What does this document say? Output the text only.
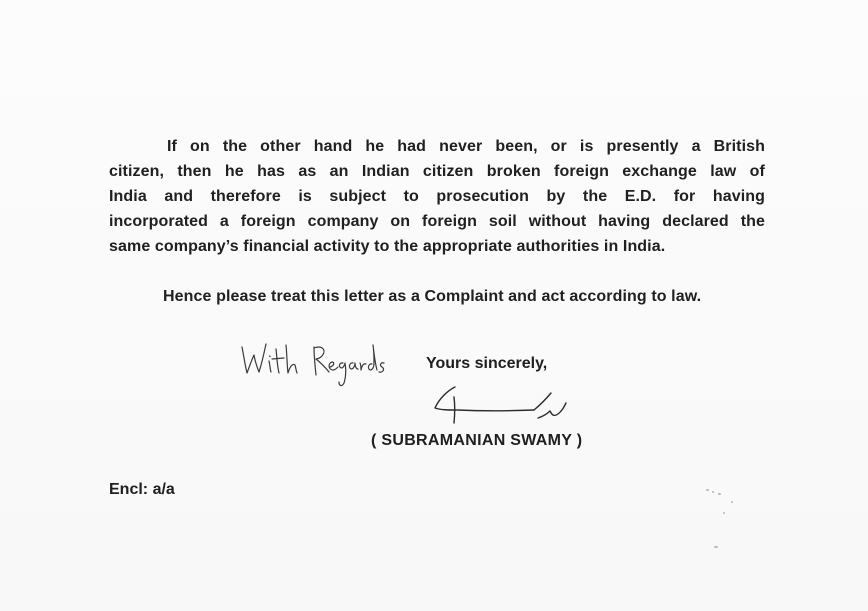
If on the other hand he had never been, or is presently a British
citizen, then he has as an Indian citizen broken foreign exchange law of
India and therefore is subject to prosecution by the E.D. for having
incorporated a foreign company on foreign soil without having declared the
same company’s financial activity to the appropriate authorities in India.
Hence please treat this letter as a Complaint and act according to law.
Yours sincerely,
( SUBRAMANIAN SWAMY )
Encl: a/a
